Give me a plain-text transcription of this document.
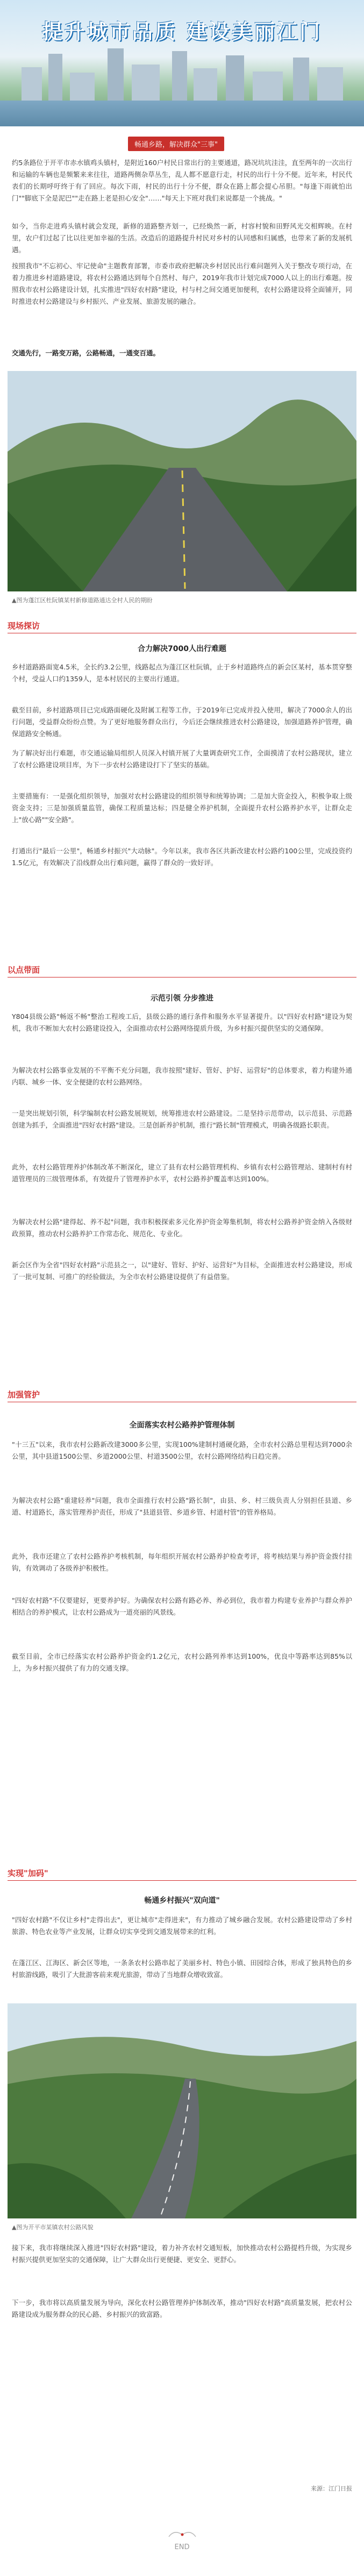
提升城市品质 建设美丽江门
畅通乡路，解决群众"三事"

约5条路位于开平市赤水镇鸡头镇村，是附近160户村民日常出行的主要通道，路况坑坑洼洼，直至两年的一次出行和运输的车辆也是频繁来来往往，道路两侧杂草丛生，乱人都不愿意行走，村民的出行十分不便。近年来，村民代表们的长期呼吁终于有了回应。每次下雨，村民的出行十分不便，群众在路上都会提心吊胆。"每逢下雨就怕出门""脚底下全是泥巴""走在路上老是担心安全"……"每天上下班对我们来说都是一个挑战。"

如今，当你走进鸡头镇村就会发现，新修的道路整齐划一，已经焕然一新，村容村貌和田野风光交相辉映。在村里，农户们过起了比以往更加幸福的生活。改造后的道路提升村民对乡村的认同感和归属感，也带来了新的发展机遇。

按照我市"不忘初心、牢记使命"主题教育部署，市委市政府把解决乡村居民出行难问题列入关于整改专项行动，在着力推进乡村道路建设，将农村公路通达到每个自然村、每户，2019年我市计划完成7000人以上的出行难题。按照我市农村公路建设计划，扎实推进"四好农村路"建设，村与村之间交通更加便利，农村公路建设将全面铺开，同时推进农村公路建设与乡村振兴、产业发展、旅游发展的融合。

交通先行，一路变万路，公路畅通，一通变百通。

▲图为蓬江区杜阮镇某村新修道路通达全村人民的期盼
现场探访
合力解决7000人出行难题

乡村道路路面宽4.5米，全长约3.2公里，线路起点为蓬江区杜阮镇，止于乡村道路终点的新会区某村，基本贯穿整个村，受益人口约1359人，是本村居民的主要出行通道。

截至目前，乡村道路项目已完成路面硬化及附属工程等工作，于2019年已完成并投入使用，解决了7000余人的出行问题，受益群众纷纷点赞。为了更好地服务群众出行，今后还会继续推进农村公路建设，加强道路养护管理，确保道路安全畅通。

为了解决好出行难题，市交通运输局组织人员深入村镇开展了大量调查研究工作，全面摸清了农村公路现状，建立了农村公路建设项目库，为下一步农村公路建设打下了坚实的基础。

主要措施有：一是强化组织领导，加强对农村公路建设的组织领导和统筹协调；二是加大资金投入，积极争取上级资金支持；三是加强质量监管，确保工程质量达标；四是健全养护机制，全面提升农村公路养护水平，让群众走上"放心路""安全路"。

打通出行"最后一公里"，畅通乡村振兴"大动脉"。今年以来，我市各区共新改建农村公路约100公里，完成投资约1.5亿元，有效解决了沿线群众出行难问题，赢得了群众的一致好评。

以点带面
示范引领 分步推进

Y804县级公路"畅返不畅"整治工程竣工后，县级公路的通行条件和服务水平显著提升。以"四好农村路"建设为契机，我市不断加大农村公路建设投入，全面推动农村公路网络提质升级，为乡村振兴提供坚实的交通保障。

为解决农村公路事业发展的不平衡不充分问题，我市按照"建好、管好、护好、运营好"的总体要求，着力构建外通内联、城乡一体、安全便捷的农村公路网络。

一是突出规划引领，科学编制农村公路发展规划，统筹推进农村公路建设。二是坚持示范带动，以示范县、示范路创建为抓手，全面推进"四好农村路"建设。三是创新养护机制，推行"路长制"管理模式，明确各级路长职责。

此外，农村公路管理养护体制改革不断深化，建立了县有农村公路管理机构、乡镇有农村公路管理站、建制村有村道管理员的三级管理体系，有效提升了管理养护水平，农村公路养护覆盖率达到100%。

为解决农村公路"建得起、养不起"问题，我市积极探索多元化养护资金筹集机制，将农村公路养护资金纳入各级财政预算，推动农村公路养护工作常态化、规范化、专业化。

新会区作为全省"四好农村路"示范县之一，以"建好、管好、护好、运营好"为目标，全面推进农村公路建设，形成了一批可复制、可推广的经验做法，为全市农村公路建设提供了有益借鉴。

加强管护
全面落实农村公路养护管理体制

"十三五"以来，我市农村公路新改建3000多公里，实现100%建制村通硬化路，全市农村公路总里程达到7000余公里，其中县道1500公里、乡道2000公里、村道3500公里，农村公路网络结构日趋完善。

为解决农村公路"重建轻养"问题，我市全面推行农村公路"路长制"，由县、乡、村三级负责人分别担任县道、乡道、村道路长，落实管理养护责任，形成了"县道县管、乡道乡管、村道村管"的管养格局。

此外，我市还建立了农村公路养护考核机制，每年组织开展农村公路养护检查考评，将考核结果与养护资金拨付挂钩，有效调动了各级养护积极性。

"四好农村路"不仅要建好，更要养护好。为确保农村公路有路必养、养必到位，我市着力构建专业养护与群众养护相结合的养护模式，让农村公路成为一道亮丽的风景线。

截至目前，全市已经落实农村公路养护资金约1.2亿元，农村公路列养率达到100%，优良中等路率达到85%以上，为乡村振兴提供了有力的交通支撑。

实现"加码"
畅通乡村振兴"双向道"

"四好农村路"不仅让乡村"走得出去"，更让城市"走得进来"，有力推动了城乡融合发展。农村公路建设带动了乡村旅游、特色农业等产业发展，让群众切实享受到交通发展带来的红利。

在蓬江区、江海区、新会区等地，一条条农村公路串起了美丽乡村、特色小镇、田园综合体，形成了独具特色的乡村旅游线路，吸引了大批游客前来观光旅游，带动了当地群众增收致富。

▲图为开平市某镇农村公路风貌

接下来，我市将继续深入推进"四好农村路"建设，着力补齐农村交通短板，加快推动农村公路提档升级，为实现乡村振兴提供更加坚实的交通保障，让广大群众出行更便捷、更安全、更舒心。

下一步，我市将以高质量发展为导向，深化农村公路管理养护体制改革，推动"四好农村路"高质量发展，把农村公路建设成为服务群众的民心路、乡村振兴的致富路。

来源：江门日报
END
